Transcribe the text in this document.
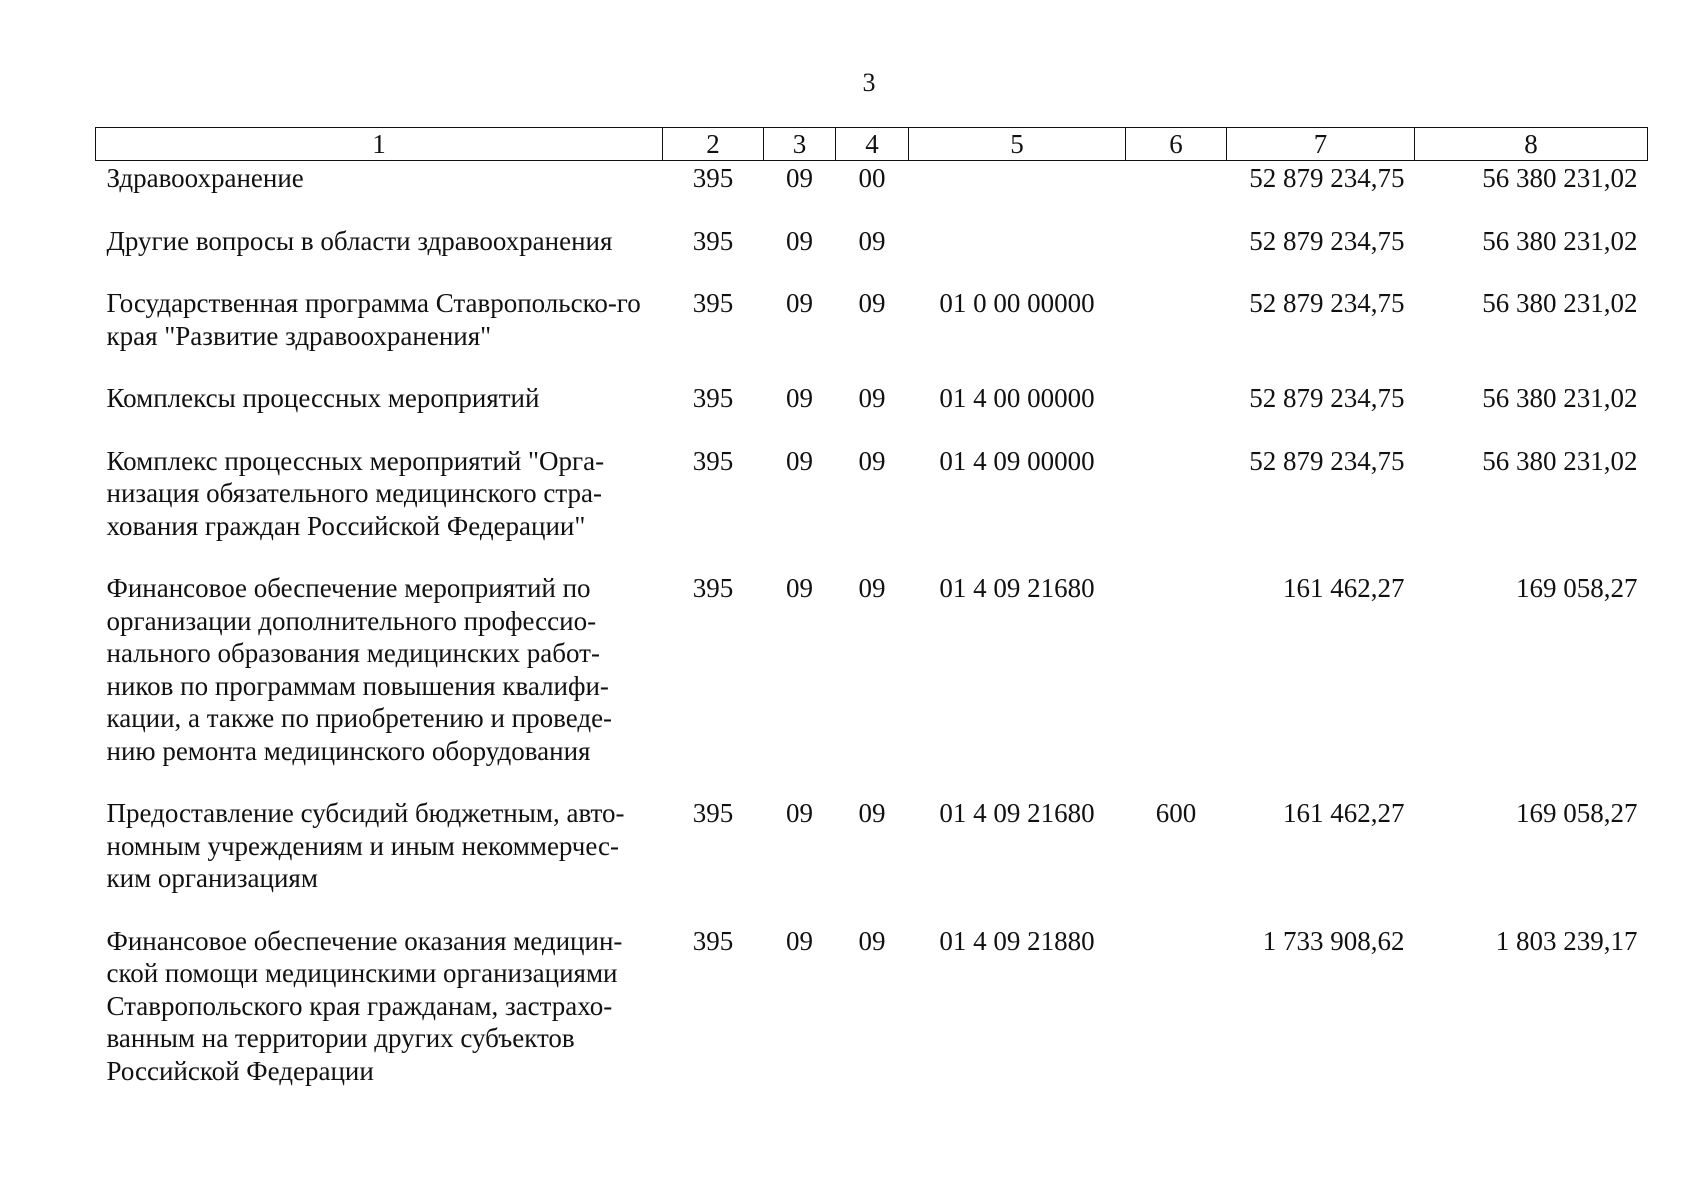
3
1	2	3	4	5	6	7	8
Здравоохранение	395	09	00			52 879 234,75	56 380 231,02
Другие вопросы в области здравоохранения	395	09	09			52 879 234,75	56 380 231,02
Государственная программа Ставропольско-го края "Развитие здравоохранения"	395	09	09	01 0 00 00000		52 879 234,75	56 380 231,02
Комплексы процессных мероприятий	395	09	09	01 4 00 00000		52 879 234,75	56 380 231,02
Комплекс процессных мероприятий "Орга-низация обязательного медицинского стра-хования граждан Российской Федерации"	395	09	09	01 4 09 00000		52 879 234,75	56 380 231,02
Финансовое обеспечение мероприятий по организации дополнительного профессио-нального образования медицинских работ-ников по программам повышения квалифи-кации, а также по приобретению и проведе-нию ремонта медицинского оборудования	395	09	09	01 4 09 21680		161 462,27	169 058,27
Предоставление субсидий бюджетным, авто-номным учреждениям и иным некоммерчес-ким организациям	395	09	09	01 4 09 21680	600	161 462,27	169 058,27
Финансовое обеспечение оказания медицин-ской помощи медицинскими организациями Ставропольского края гражданам, застрахо-ванным на территории других субъектов Российской Федерации	395	09	09	01 4 09 21880		1 733 908,62	1 803 239,17
